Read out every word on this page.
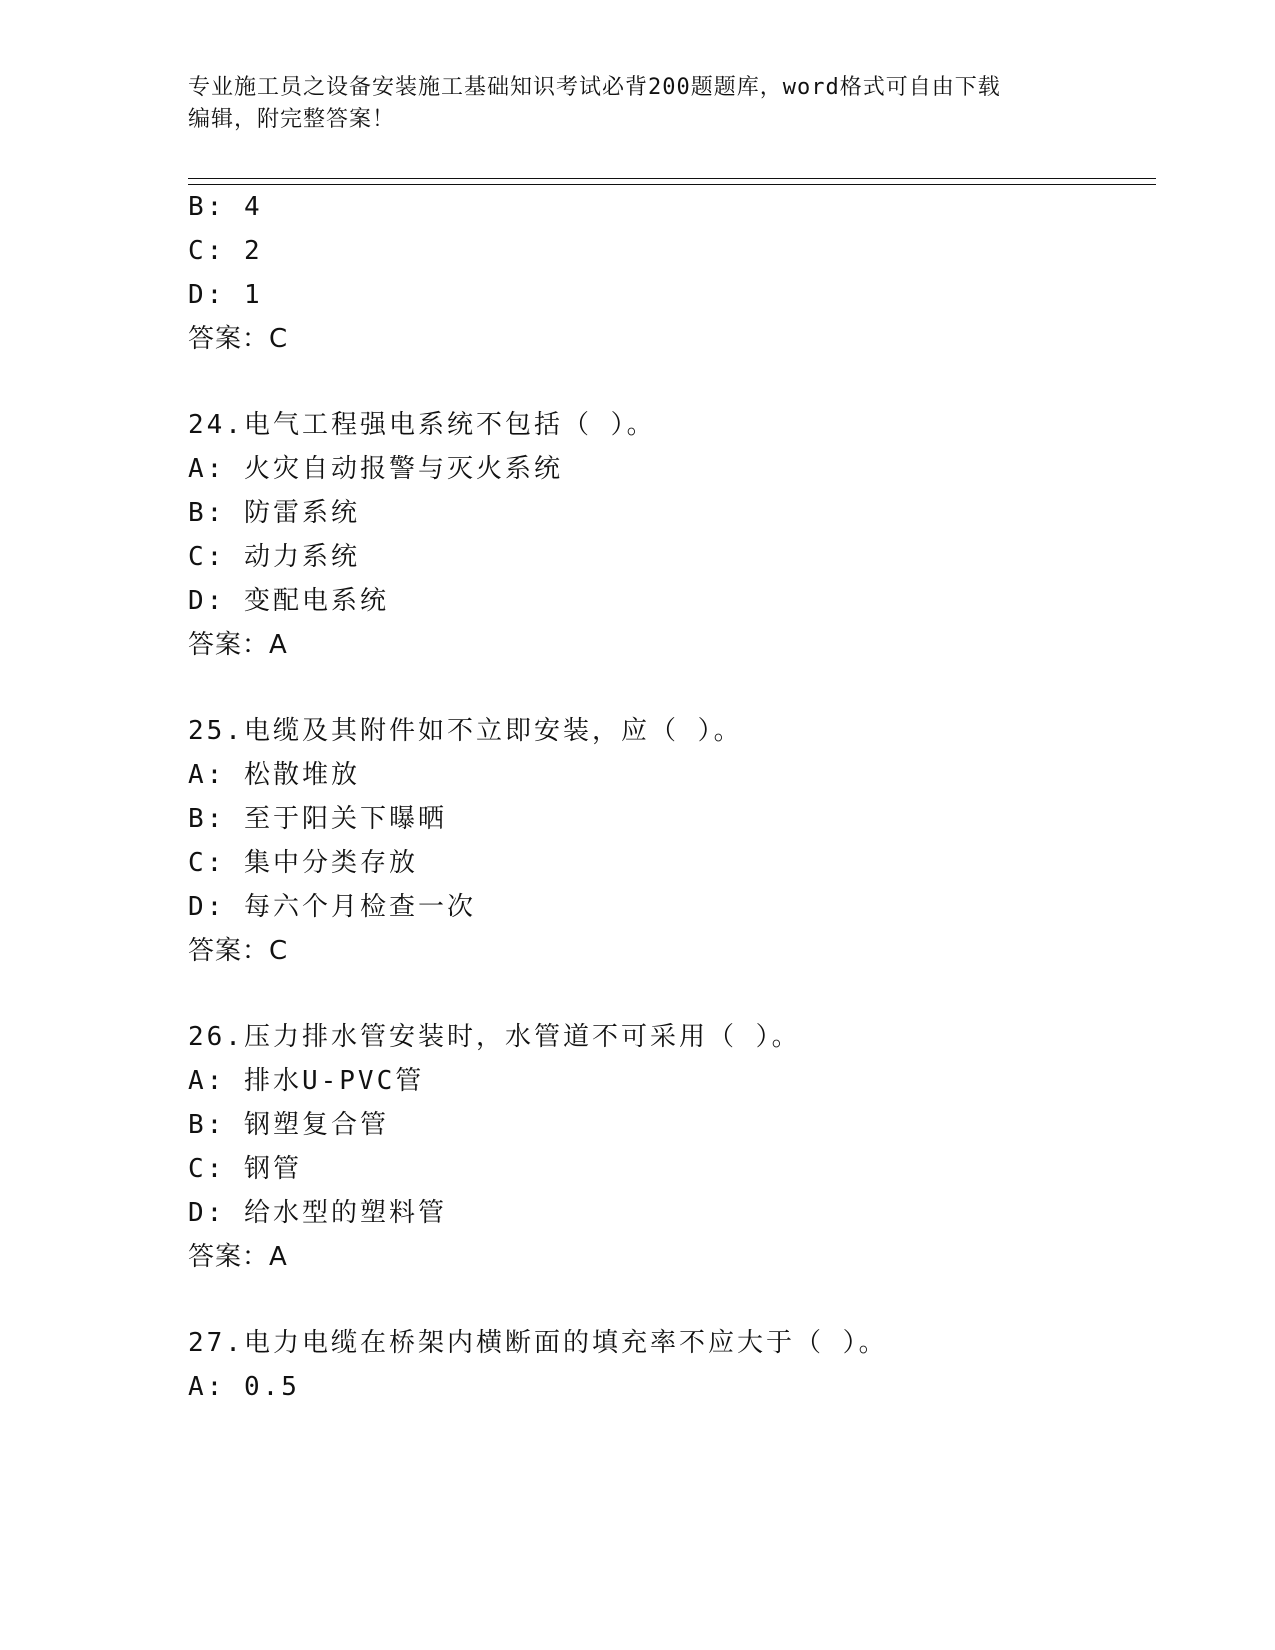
专业施工员之设备安装施工基础知识考试必背200题题库，word格式可自由下载
编辑，附完整答案！
B: 4
C: 2
D: 1
答案：C
24.电气工程强电系统不包括（ ）。
A: 火灾自动报警与灭火系统
B: 防雷系统
C: 动力系统
D: 变配电系统
答案：A
25.电缆及其附件如不立即安装，应（ ）。
A: 松散堆放
B: 至于阳关下曝晒
C: 集中分类存放
D: 每六个月检查一次
答案：C
26.压力排水管安装时，水管道不可采用（ ）。
A: 排水U-PVC管
B: 钢塑复合管
C: 钢管
D: 给水型的塑料管
答案：A
27.电力电缆在桥架内横断面的填充率不应大于（ ）。
A: 0.5
